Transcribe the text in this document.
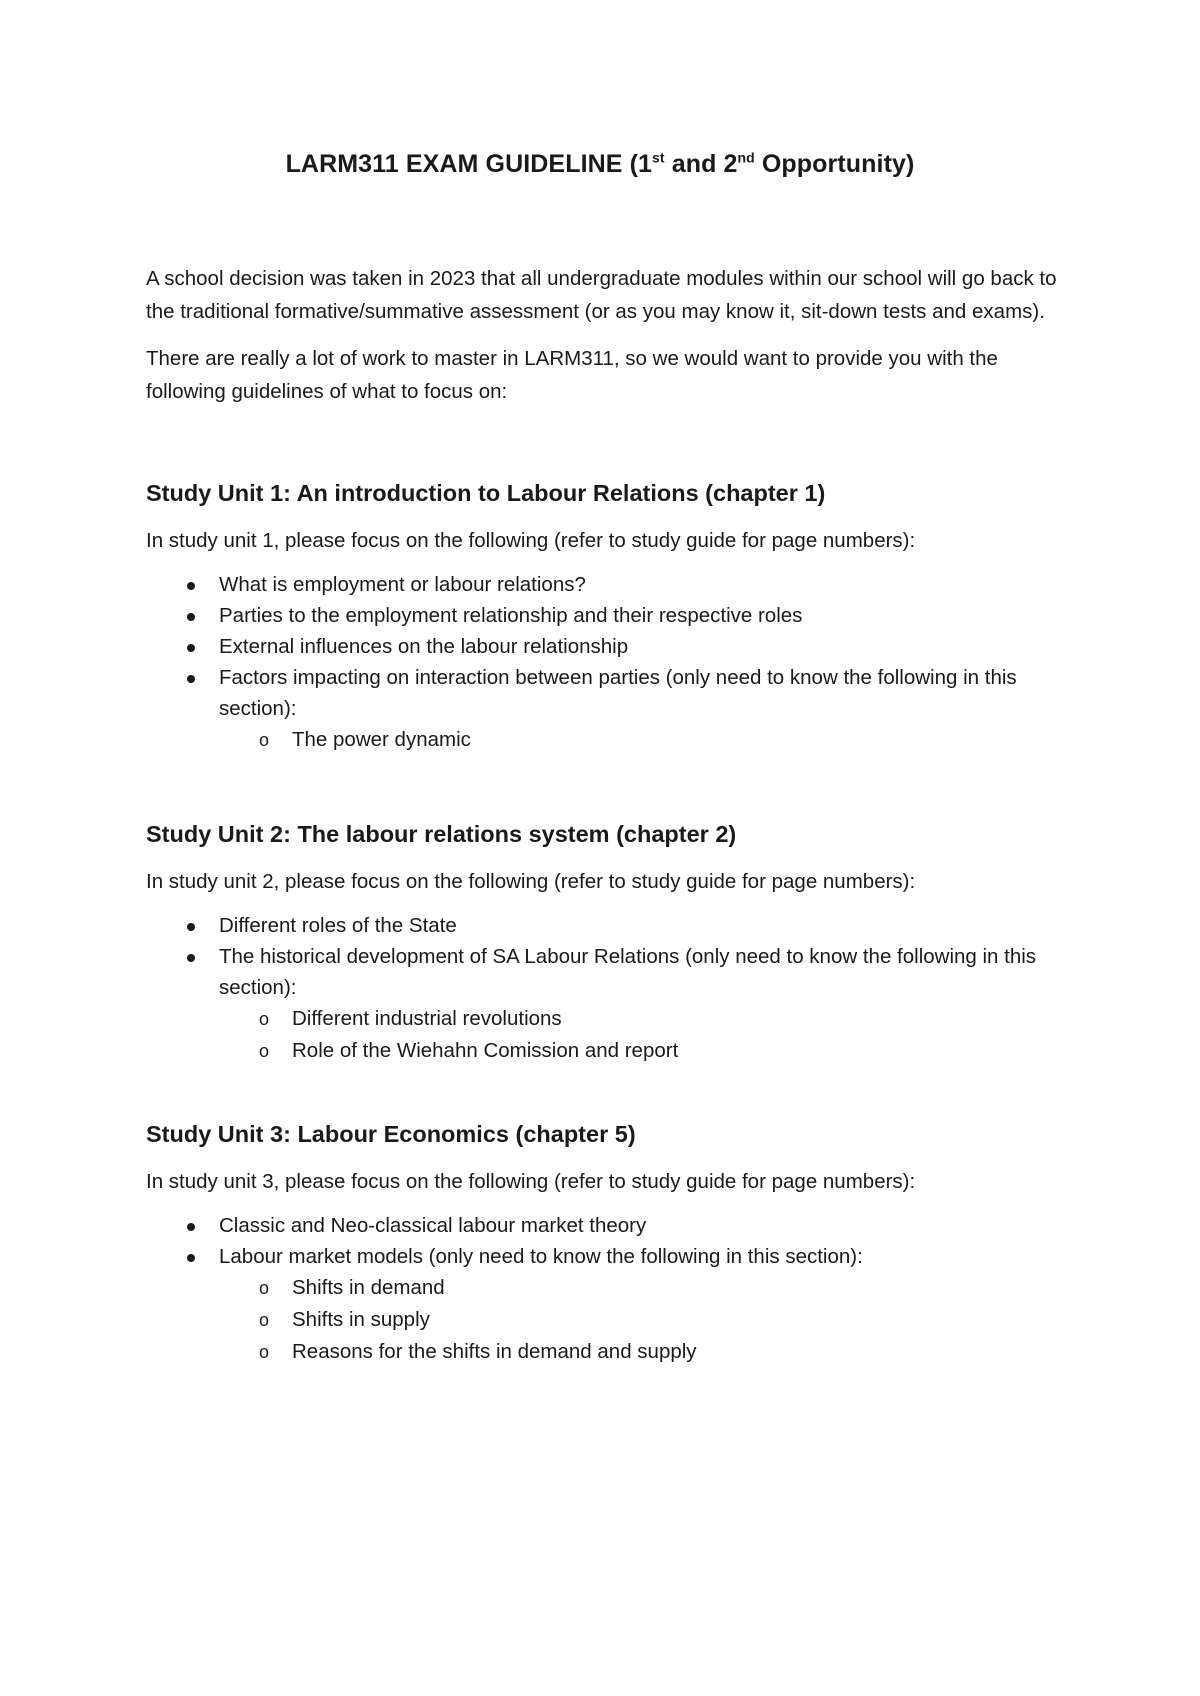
LARM311 EXAM GUIDELINE (1st and 2nd Opportunity)

A school decision was taken in 2023 that all undergraduate modules within our school will go back to the traditional formative/summative assessment (or as you may know it, sit-down tests and exams).

There are really a lot of work to master in LARM311, so we would want to provide you with the following guidelines of what to focus on:

Study Unit 1: An introduction to Labour Relations (chapter 1)

In study unit 1, please focus on the following (refer to study guide for page numbers):

What is employment or labour relations?
Parties to the employment relationship and their respective roles
External influences on the labour relationship
Factors impacting on interaction between parties (only need to know the following in this section):
o The power dynamic
Study Unit 2: The labour relations system (chapter 2)

In study unit 2, please focus on the following (refer to study guide for page numbers):

Different roles of the State
The historical development of SA Labour Relations (only need to know the following in this section):
o Different industrial revolutions
o Role of the Wiehahn Comission and report
Study Unit 3: Labour Economics (chapter 5)

In study unit 3, please focus on the following (refer to study guide for page numbers):

Classic and Neo-classical labour market theory
Labour market models (only need to know the following in this section):
o Shifts in demand
o Shifts in supply
o Reasons for the shifts in demand and supply
